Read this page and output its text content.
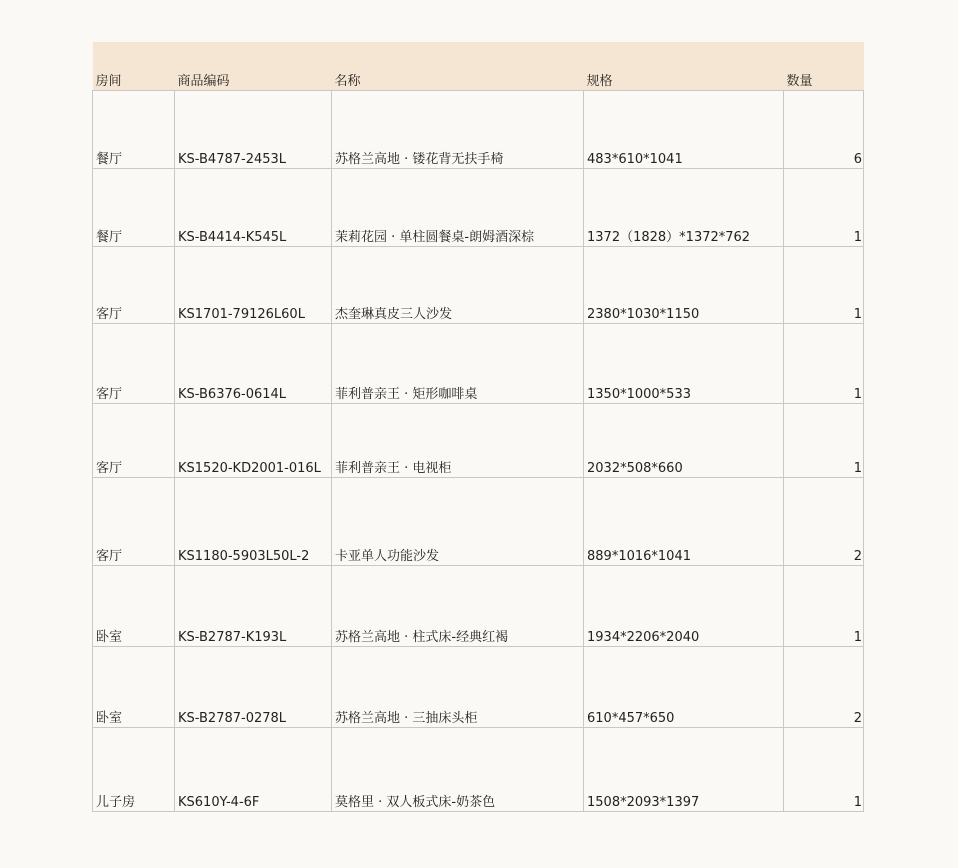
房间	商品编码	名称	规格	数量
餐厅	KS-B4787-2453L	苏格兰高地 · 镂花背无扶手椅	483*610*1041	6
餐厅	KS-B4414-K545L	茉莉花园 · 单柱圆餐桌-朗姆酒深棕	1372（1828）*1372*762	1
客厅	KS1701-79126L60L	杰奎琳真皮三人沙发	2380*1030*1150	1
客厅	KS-B6376-0614L	菲利普亲王 · 矩形咖啡桌	1350*1000*533	1
客厅	KS1520-KD2001-016L	菲利普亲王 · 电视柜	2032*508*660	1
客厅	KS1180-5903L50L-2	卡亚单人功能沙发	889*1016*1041	2
卧室	KS-B2787-K193L	苏格兰高地 · 柱式床-经典红褐	1934*2206*2040	1
卧室	KS-B2787-0278L	苏格兰高地 · 三抽床头柜	610*457*650	2
儿子房	KS610Y-4-6F	莫格里 · 双人板式床-奶茶色	1508*2093*1397	1
